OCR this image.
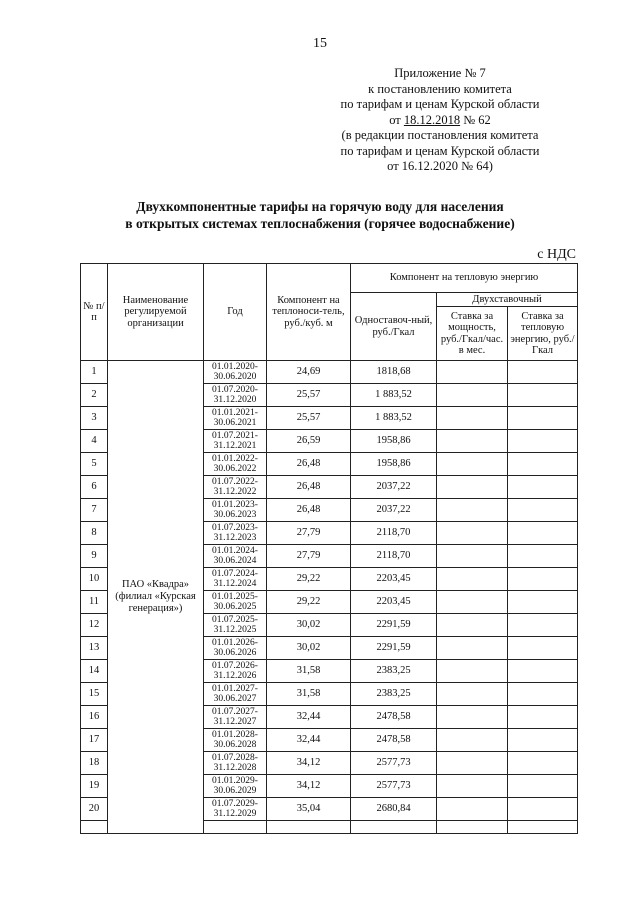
15
Приложение № 7
к постановлению комитета
по тарифам и ценам Курской области
от 18.12.2018 № 62
(в редакции постановления комитета
по тарифам и ценам Курской области
от 16.12.2020 № 64)
Двухкомпонентные тарифы на горячую воду для населения
в открытых системах теплоснабжения (горячее водоснабжение)
с НДС
№ п/п	Наименование регулируемой организации	Год	Компонент на теплоноси-тель, руб./куб. м	Компонент на тепловую энергию		
				Одноставоч-ный, руб./Гкал	Двухставочный	
					Ставка за мощность, руб./Гкал/час. в мес.	Ставка за тепловую энергию, руб./Гкал
1	ПАО «Квадра» (филиал «Курская генерация»)	01.01.2020-30.06.2020	24,69	1818,68		
2		01.07.2020-31.12.2020	25,57	1 883,52		
3		01.01.2021-30.06.2021	25,57	1 883,52		
4		01.07.2021-31.12.2021	26,59	1958,86		
5		01.01.2022-30.06.2022	26,48	1958,86		
6		01.07.2022-31.12.2022	26,48	2037,22		
7		01.01.2023-30.06.2023	26,48	2037,22		
8		01.07.2023-31.12.2023	27,79	2118,70		
9		01.01.2024-30.06.2024	27,79	2118,70		
10		01.07.2024-31.12.2024	29,22	2203,45		
11		01.01.2025-30.06.2025	29,22	2203,45		
12		01.07.2025-31.12.2025	30,02	2291,59		
13		01.01.2026-30.06.2026	30,02	2291,59		
14		01.07.2026-31.12.2026	31,58	2383,25		
15		01.01.2027-30.06.2027	31,58	2383,25		
16		01.07.2027-31.12.2027	32,44	2478,58		
17		01.01.2028-30.06.2028	32,44	2478,58		
18		01.07.2028-31.12.2028	34,12	2577,73		
19		01.01.2029-30.06.2029	34,12	2577,73		
20		01.07.2029-31.12.2029	35,04	2680,84		
